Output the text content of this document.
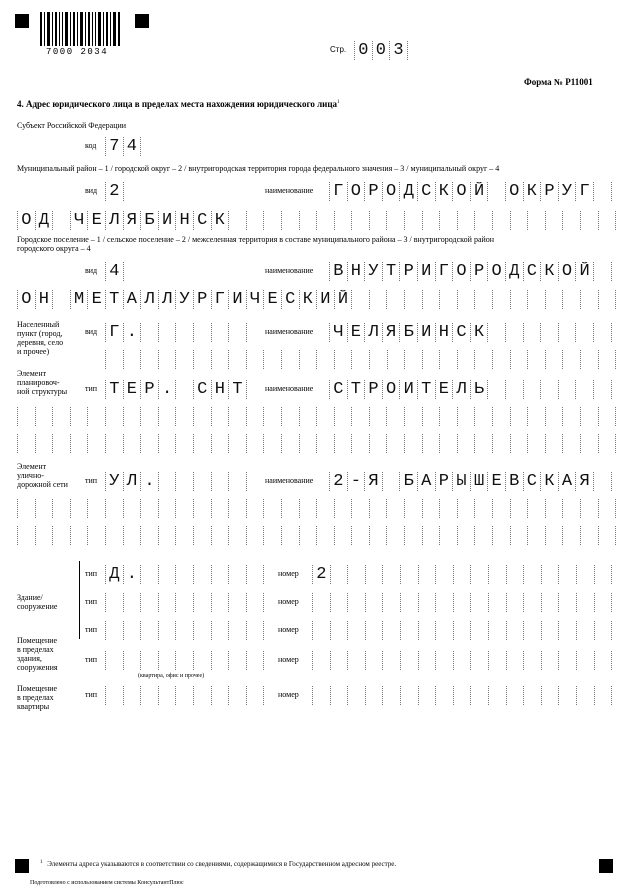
7000 2034	Стр. 0 0 3
Форма № Р11001
4. Адрес юридического лица в пределах места нахождения юридического лица$^1$
Субъект Российской Федерации
код 7 4
Муниципальный район – 1 / городской округ – 2 / внутригородская территория города федерального значения – 3 / муниципальный округ – 4
вид 2	наименование Г О Р О Д С К О Й О К Р У Г
О Д Ч Е Л Я Б И Н С К
Городское поселение – 1 / сельское поселение – 2 / межселенная территория в составе муниципального района – 3 / внутригородской район
городского округа – 4
вид 4	наименование В Н У Т Р И Г О Р О Д С К О Й
О Н М Е Т А Л Л У Р Г И Ч Е С К И Й
Населенный
пункт (город,
деревня, село
и прочее)
вид Г .	наименование Ч Е Л Я Б И Н С К
Элемент
планировоч-
ной структуры тип Т Е Р . С Н Т	наименование С Т Р О И Т Е Л Ь
Элемент
улично-
дорожной сети тип У Л .	наименование 2 - Я Б А Р Ы Ш Е В С К А Я
Здание/
сооружение
тип Д .	номер 2
тип	номер
тип	номер
Помещение
в пределах
здания,
сооружения
тип	номер
(квартира, офис и прочее)
Помещение
в пределах
квартиры
тип	номер
$^1$ Элементы адреса указываются в соответствии со сведениями, содержащимися в Государственном адресном реестре.
Подготовлено с использованием системы КонсультантПлюс
